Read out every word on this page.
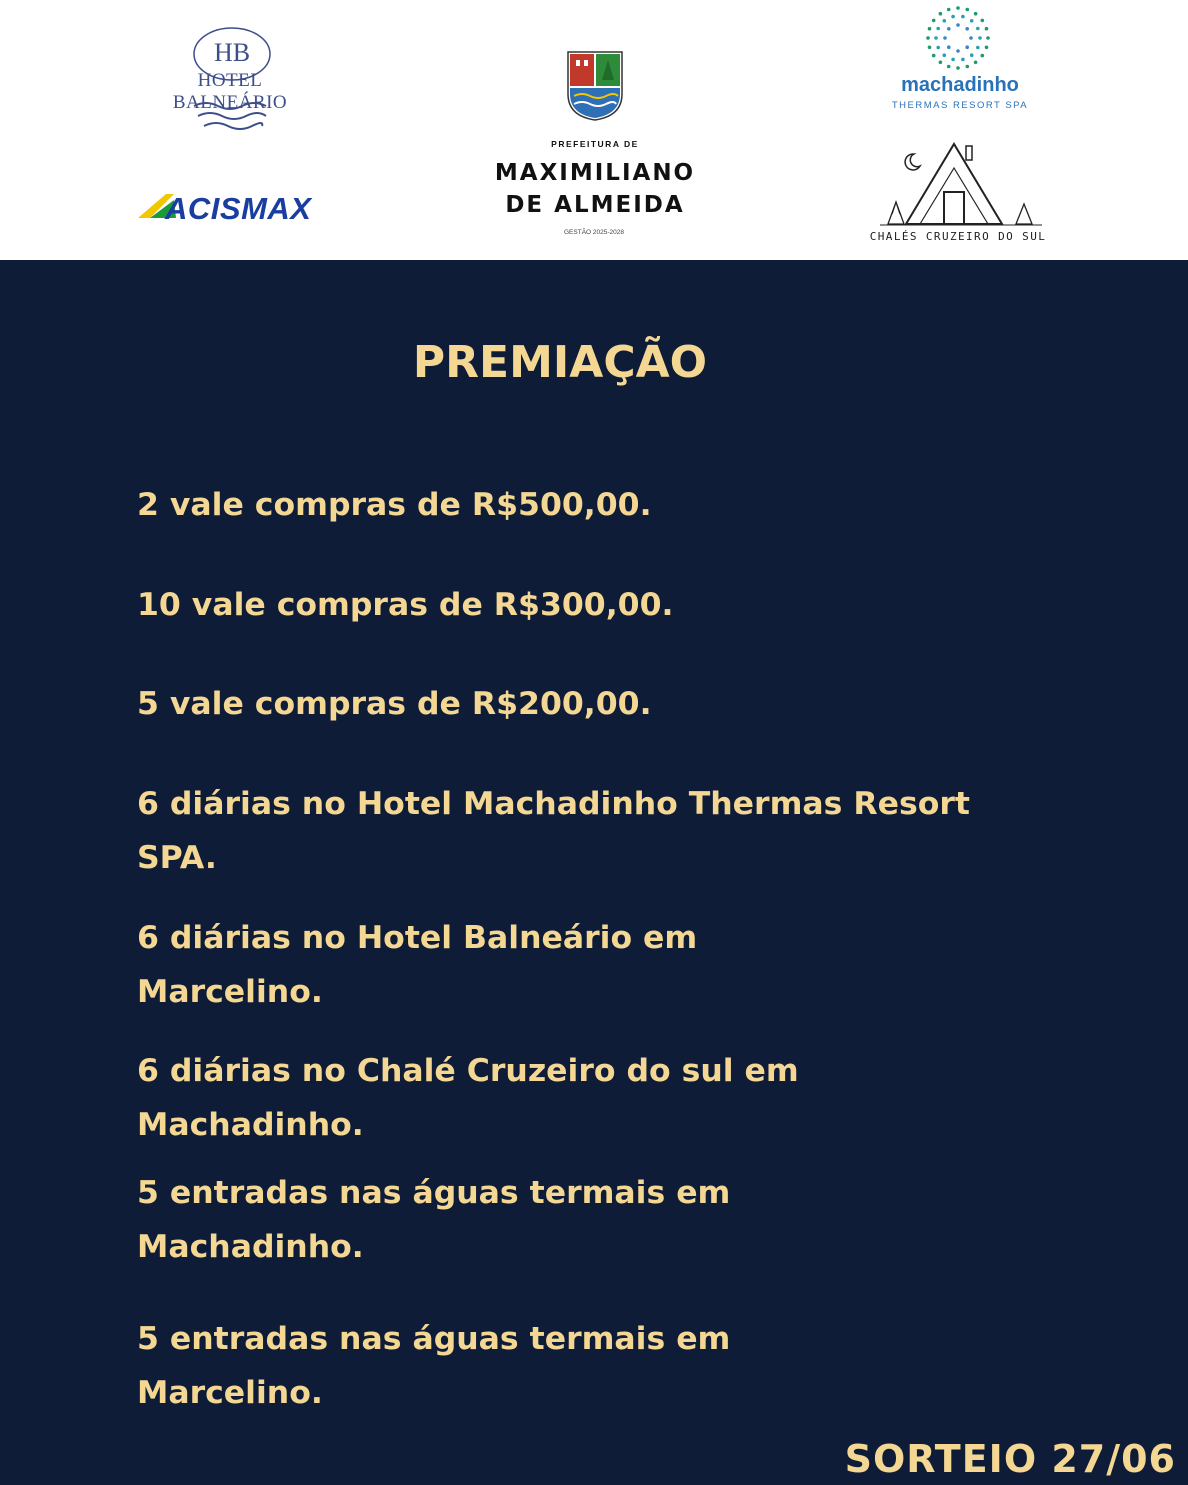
HB
HOTEL BALNEÁRIO
ACISMAX
PREFEITURA DE
MAXIMILIANO
DE ALMEIDA
GESTÃO 2025-2028
machadinho
THERMAS RESORT SPA
CHALÉS CRUZEIRO DO SUL
PREMIAÇÃO
2 vale compras de R$500,00.
10 vale compras de R$300,00.
5 vale compras de R$200,00.
6 diárias no Hotel Machadinho Thermas Resort SPA.
6 diárias no Hotel Balneário em Marcelino.
6 diárias no Chalé Cruzeiro do sul em Machadinho.
5 entradas nas águas termais em Machadinho.
5 entradas nas águas termais em Marcelino.
SORTEIO 27/06
